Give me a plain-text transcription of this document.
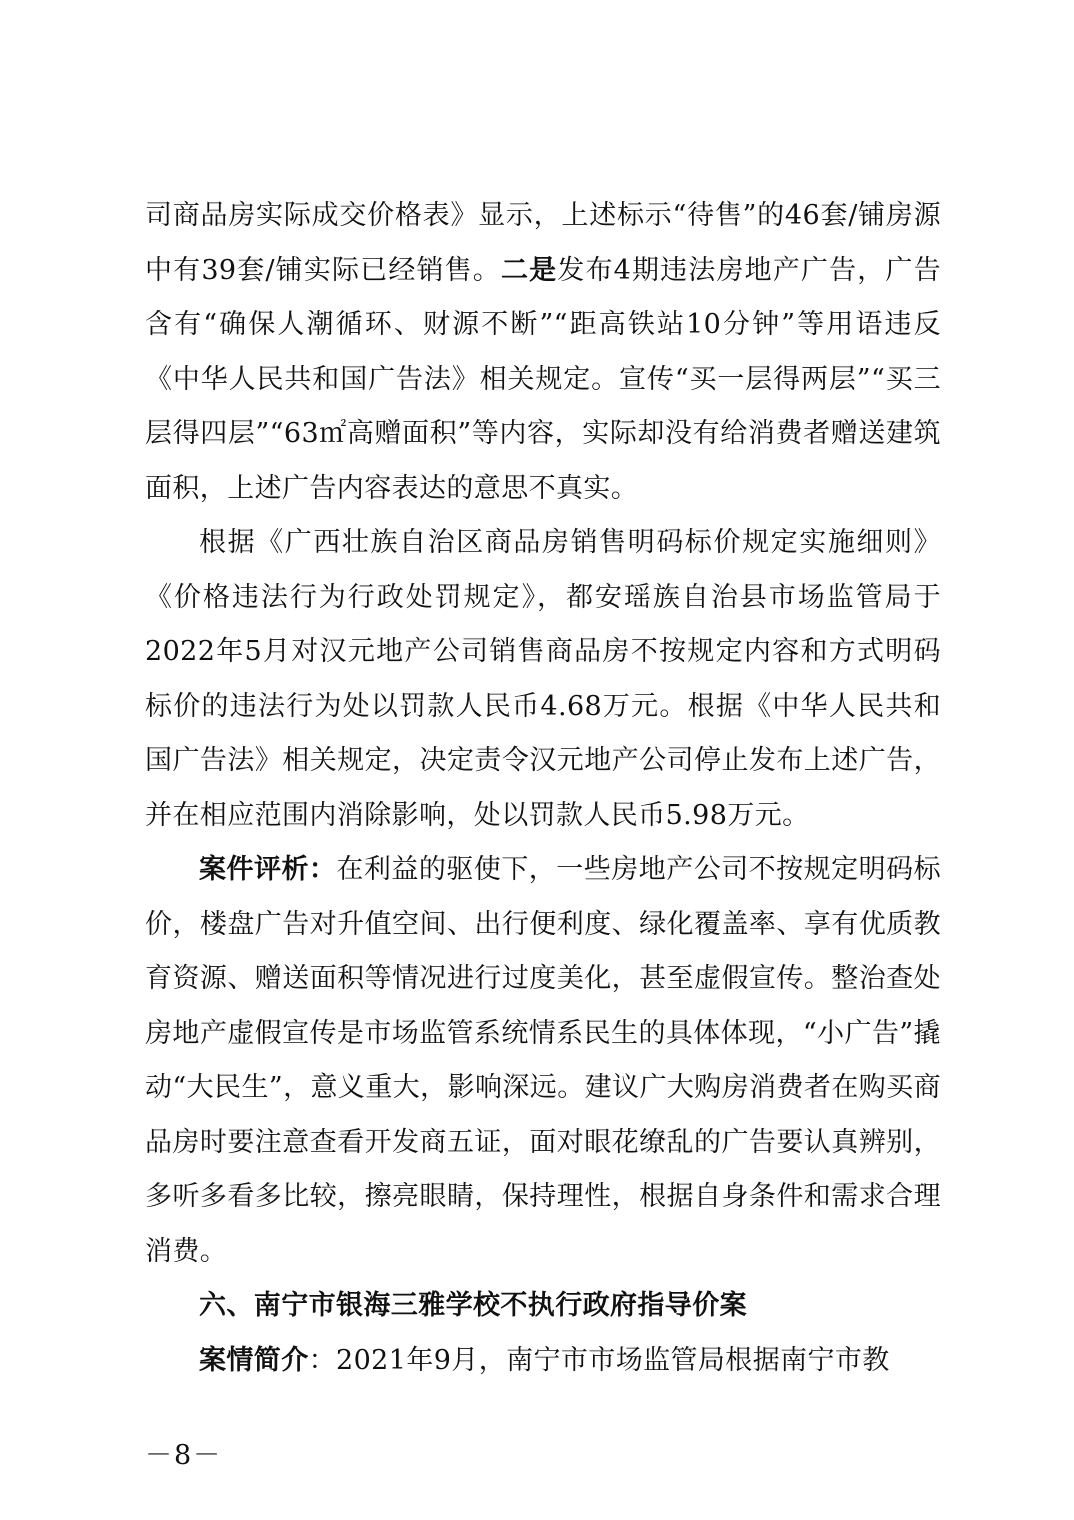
司商品房实际成交价格表》显示，上述标示“待售”的46套/铺房源中有39套/铺实际已经销售。二是发布4期违法房地产广告，广告含有“确保人潮循环、财源不断”“距高铁站10分钟”等用语违反《中华人民共和国广告法》相关规定。宣传“买一层得两层”“买三层得四层”“63㎡高赠面积”等内容，实际却没有给消费者赠送建筑面积，上述广告内容表达的意思不真实。

根据《广西壮族自治区商品房销售明码标价规定实施细则》《价格违法行为行政处罚规定》，都安瑶族自治县市场监管局于2022年5月对汉元地产公司销售商品房不按规定内容和方式明码标价的违法行为处以罚款人民币4.68万元。根据《中华人民共和国广告法》相关规定，决定责令汉元地产公司停止发布上述广告，并在相应范围内消除影响，处以罚款人民币5.98万元。

案件评析：在利益的驱使下，一些房地产公司不按规定明码标价，楼盘广告对升值空间、出行便利度、绿化覆盖率、享有优质教育资源、赠送面积等情况进行过度美化，甚至虚假宣传。整治查处房地产虚假宣传是市场监管系统情系民生的具体体现，“小广告”撬动“大民生”，意义重大，影响深远。建议广大购房消费者在购买商品房时要注意查看开发商五证，面对眼花缭乱的广告要认真辨别，多听多看多比较，擦亮眼睛，保持理性，根据自身条件和需求合理消费。

六、南宁市银海三雅学校不执行政府指导价案

案情简介：2021年9月，南宁市市场监管局根据南宁市教

－8－
